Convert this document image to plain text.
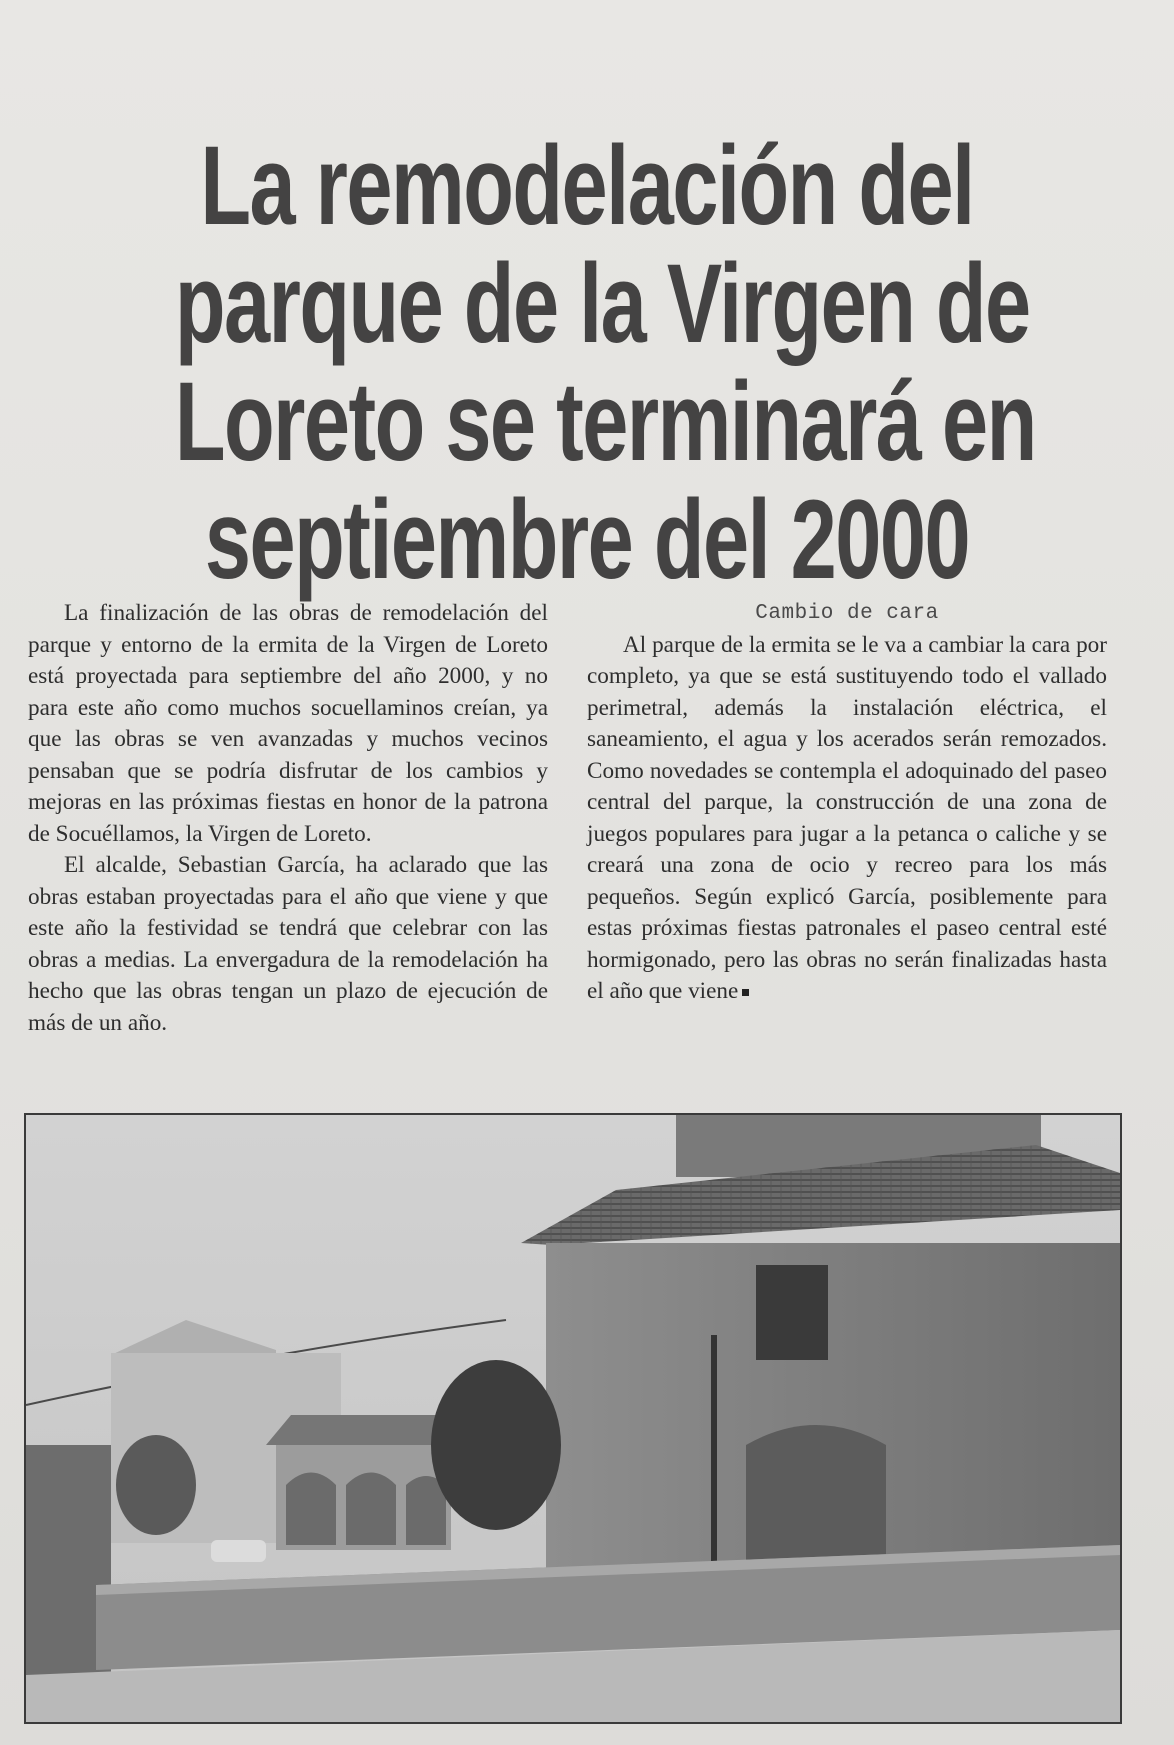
La remodelación del
parque de la Virgen de
Loreto se terminará en
septiembre del 2000

La finalización de las obras de remodelación del parque y entorno de la ermita de la Virgen de Loreto está proyectada para septiembre del año 2000, y no para este año como muchos socuellaminos creían, ya que las obras se ven avanzadas y muchos vecinos pensaban que se podría disfrutar de los cambios y mejoras en las próximas fiestas en honor de la patrona de Socuéllamos, la Virgen de Loreto.

El alcalde, Sebastian García, ha aclarado que las obras estaban proyectadas para el año que viene y que este año la festividad se tendrá que celebrar con las obras a medias. La envergadura de la remodelación ha hecho que las obras tengan un plazo de ejecución de más de un año.

Cambio de cara

Al parque de la ermita se le va a cambiar la cara por completo, ya que se está sustituyendo todo el vallado perimetral, además la instalación eléctrica, el saneamiento, el agua y los acerados serán remozados. Como novedades se contempla el adoquinado del paseo central del parque, la construcción de una zona de juegos populares para jugar a la petanca o caliche y se creará una zona de ocio y recreo para los más pequeños. Según explicó García, posiblemente para estas próximas fiestas patronales el paseo central esté hormigonado, pero las obras no serán finalizadas hasta el año que viene
